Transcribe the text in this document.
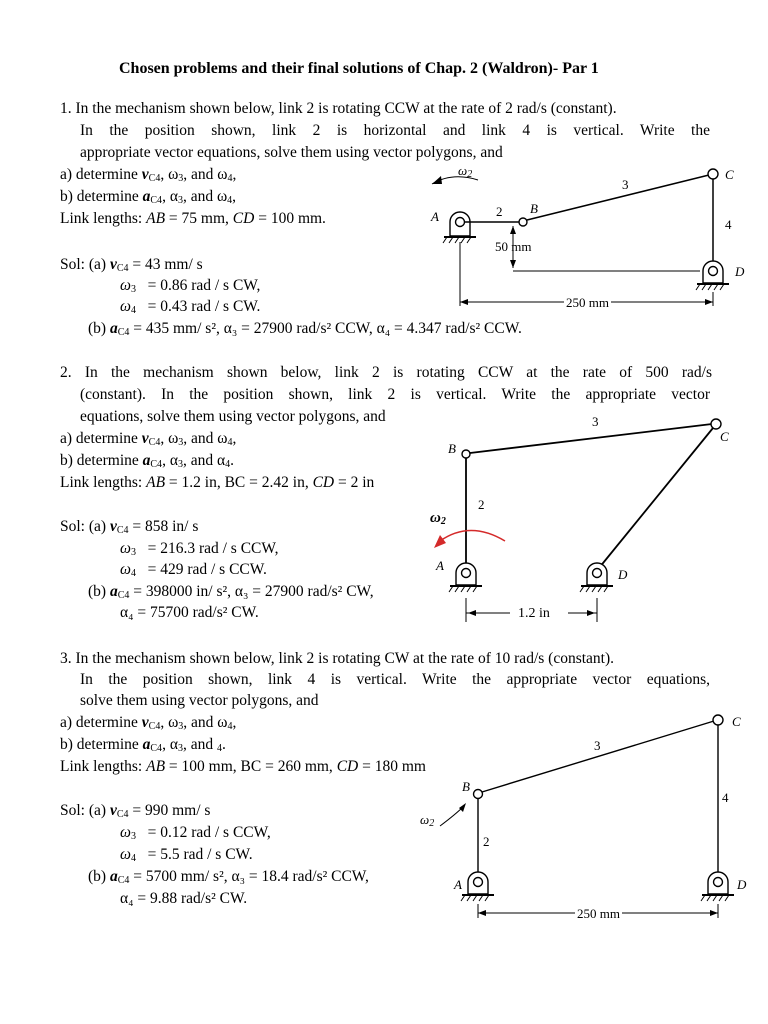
Chosen problems and their final solutions of Chap. 2 (Waldron)- Par 1
1. In the mechanism shown below, link 2 is rotating CCW at the rate of 2 rad/s (constant).
In the position shown, link 2 is horizontal and link 4 is vertical. Write the
appropriate vector equations, solve them using vector polygons, and
a) determine $v_{C4}$, $\omega_3$, and $\omega_4$,
b) determine $a_{C4}$, $\alpha_3$, and $\omega_4$,
Link lengths: AB = 75 mm, CD = 100 mm.
Sol: (a) $v_{C4} = 43$ mm/ s
$\omega_3 = 0.86$ rad / s CW,
$\omega_4 = 0.43$ rad / s CW.
(b) $a_{C4} = 435$ mm/ s², α₃ = 27900 rad/s² CCW, α₄ = 4.347 rad/s² CCW.
$\omega_2$
A	2 B
3
C
4
D
50 mm
250 mm
2. In the mechanism shown below, link 2 is rotating CCW at the rate of 500 rad/s
(constant). In the position shown, link 2 is vertical. Write the appropriate vector
equations, solve them using vector polygons, and
a) determine $v_{C4}$, $\omega_3$, and $\omega_4$,
b) determine $a_{C4}$, $\alpha_3$, and $\alpha_4$.
Link lengths: AB = 1.2 in, BC = 2.42 in, CD = 2 in
Sol: (a) $v_{C4} = 858$ in/ s
$\omega_3 = 216.3$ rad / s CCW,
$\omega_4 = 429$ rad / s CCW.
(b) $a_{C4} = 398000$ in/ s², α₃ = 27900 rad/s² CW,
α₄ = 75700 rad/s² CW.
B
2
3
C
A
D
$\omega_2$
1.2 in
3. In the mechanism shown below, link 2 is rotating CW at the rate of 10 rad/s (constant).
In the position shown, link 4 is vertical. Write the appropriate vector equations,
solve them using vector polygons, and
a) determine $v_{C4}$, $\omega_3$, and $\omega_4$,
b) determine $a_{C4}$, $\alpha_3$, and $_4$.
Link lengths: AB = 100 mm, BC = 260 mm, CD = 180 mm
Sol: (a) $v_{C4} = 990$ mm/ s
$\omega_3 = 0.12$ rad / s CCW,
$\omega_4 = 5.5$ rad / s CW.
(b) $a_{C4} = 5700$ mm/ s², α₃ = 18.4 rad/s² CCW,
α₄ = 9.88 rad/s² CW.
$\omega_2$
B
2
3
C
4
A	D
250 mm
